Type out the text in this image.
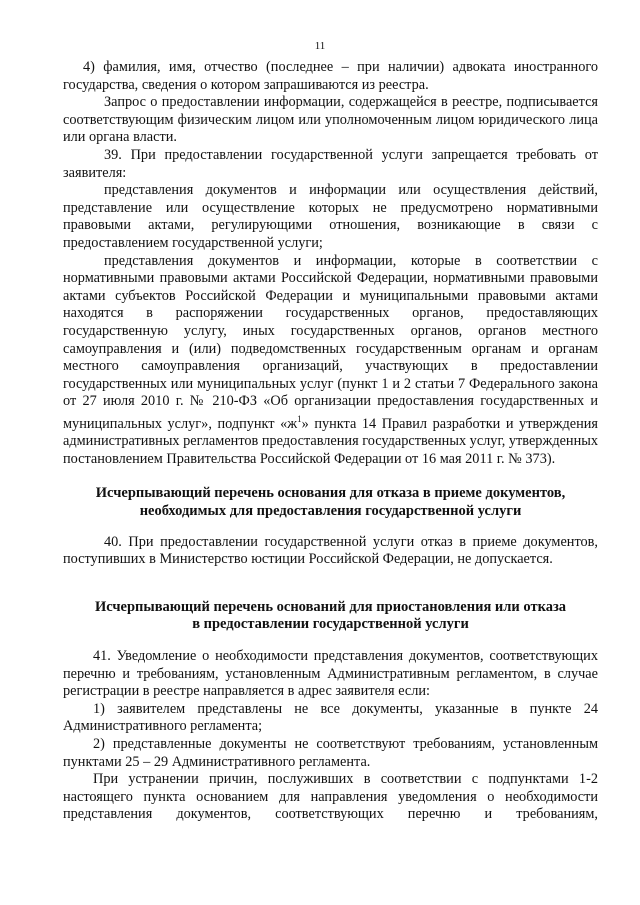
11

4) фамилия, имя, отчество (последнее – при наличии) адвоката иностранного государства, сведения о котором запрашиваются из реестра.

Запрос о предоставлении информации, содержащейся в реестре, подписывается соответствующим физическим лицом или уполномоченным лицом юридического лица или органа власти.

39. При предоставлении государственной услуги запрещается требовать от заявителя:

представления документов и информации или осуществления действий, представление или осуществление которых не предусмотрено нормативными правовыми актами, регулирующими отношения, возникающие в связи с предоставлением государственной услуги;

представления документов и информации, которые в соответствии с нормативными правовыми актами Российской Федерации, нормативными правовыми актами субъектов Российской Федерации и муниципальными правовыми актами находятся в распоряжении государственных органов, предоставляющих государственную услугу, иных государственных органов, органов местного самоуправления и (или) подведомственных государственным органам и органам местного самоуправления организаций, участвующих в предоставлении государственных или муниципальных услуг (пункт 1 и 2 статьи 7 Федерального закона от 27 июля 2010 г. № 210-ФЗ «Об организации предоставления государственных и муниципальных услуг», подпункт «$ж^1$» пункта 14 Правил разработки и утверждения административных регламентов предоставления государственных услуг, утвержденных постановлением Правительства Российской Федерации от 16 мая 2011 г. № 373).

Исчерпывающий перечень основания для отказа в приеме документов,
необходимых для предоставления государственной услуги

40. При предоставлении государственной услуги отказ в приеме документов, поступивших в Министерство юстиции Российской Федерации, не допускается.

Исчерпывающий перечень оснований для приостановления или отказа
в предоставлении государственной услуги

41. Уведомление о необходимости представления документов, соответствующих перечню и требованиям, установленным Административным регламентом, в случае регистрации в реестре направляется в адрес заявителя если:

1) заявителем представлены не все документы, указанные в пункте 24 Административного регламента;

2) представленные документы не соответствуют требованиям, установленным пунктами 25 – 29 Административного регламента.

При устранении причин, послуживших в соответствии с подпунктами 1-2 настоящего пункта основанием для направления уведомления о необходимости представления документов, соответствующих перечню и требованиям,
